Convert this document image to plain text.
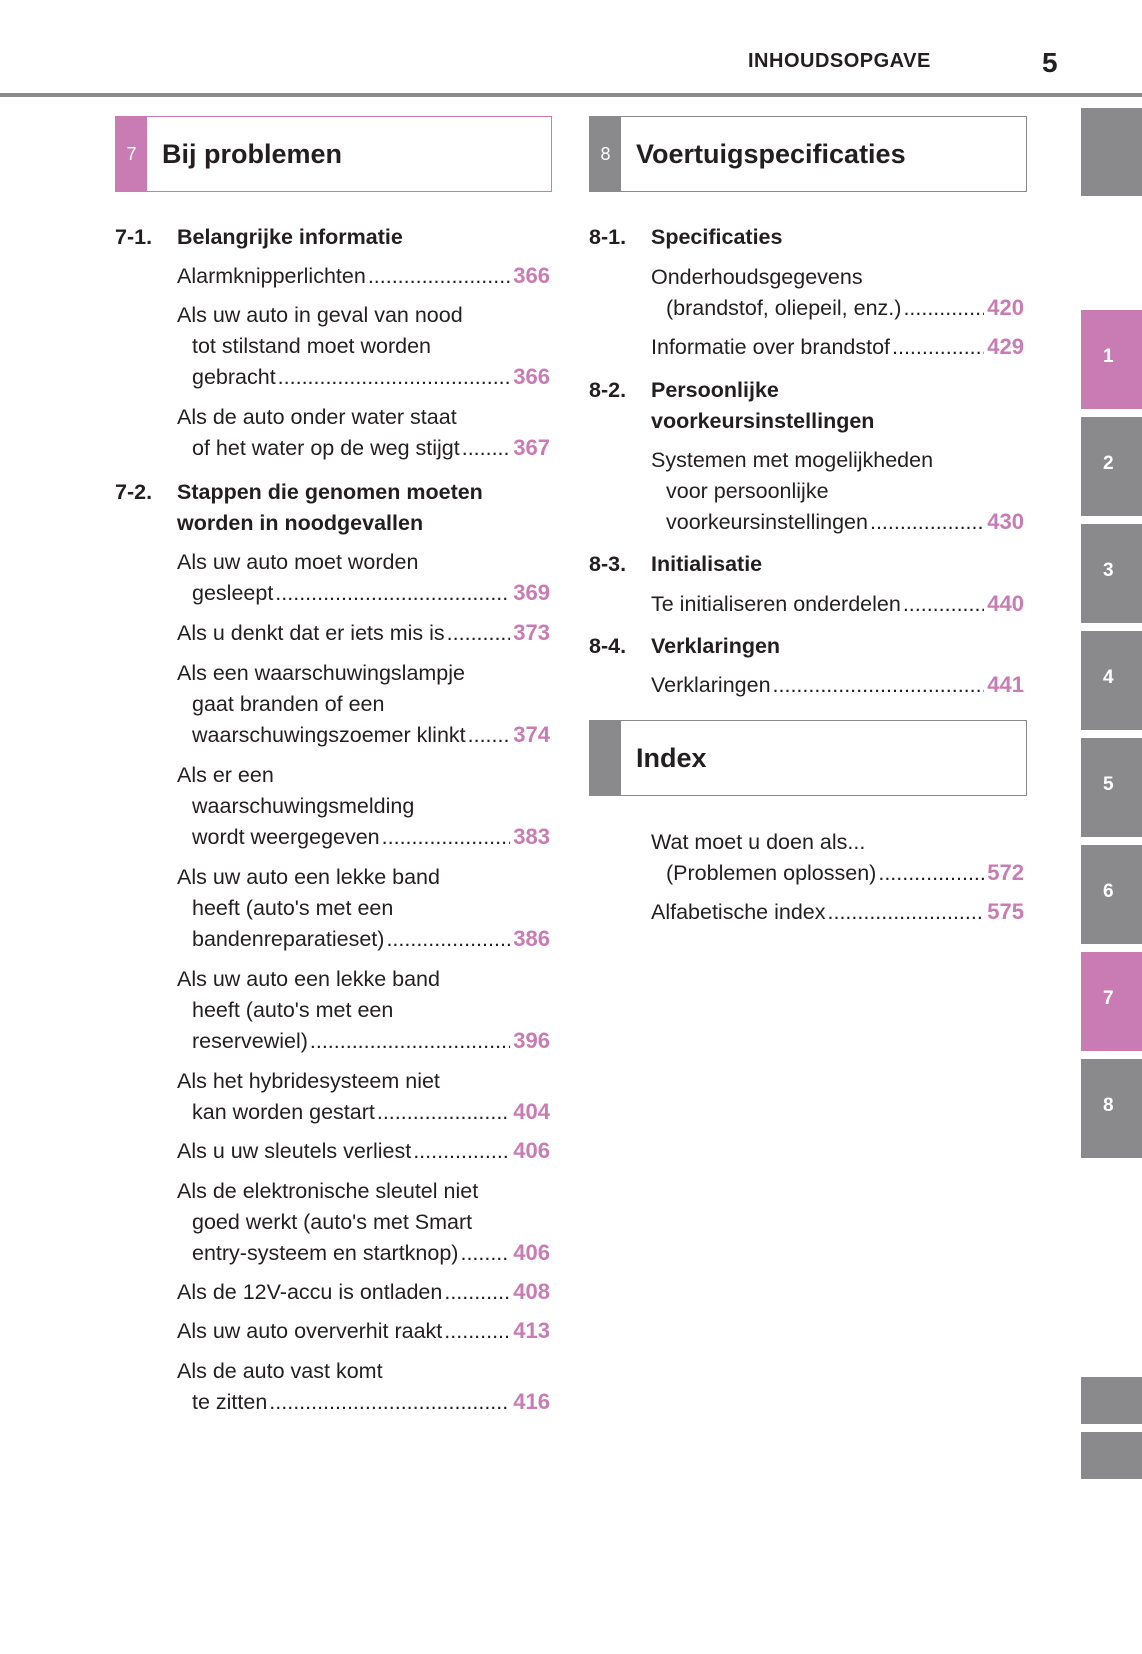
INHOUDSOPGAVE	5
7 Bij problemen
7-1. Belangrijke informatie
Alarmknipperlichten .....	366
Als uw auto in geval van nood
tot stilstand moet worden
gebracht .....	366
Als de auto onder water staat
of het water op de weg stijgt ..... 367
7-2. Stappen die genomen moeten
worden in noodgevallen
Als uw auto moet worden
gesleept .....	369
Als u denkt dat er iets mis is .....	373
Als een waarschuwingslampje
gaat branden of een
waarschuwingszoemer klinkt ..... 374
Als er een
waarschuwingsmelding
wordt weergegeven .....	383
Als uw auto een lekke band
heeft (auto's met een
bandenreparatieset) .....	386
Als uw auto een lekke band
heeft (auto's met een
reservewiel) .....	396
Als het hybridesysteem niet
kan worden gestart .....	404
Als u uw sleutels verliest .....	406
Als de elektronische sleutel niet
goed werkt (auto's met Smart
entry-systeem en startknop) ..... 406
Als de 12V-accu is ontladen .....	408
Als uw auto oververhit raakt .....	413
Als de auto vast komt
te zitten .....	416
8 Voertuigspecificaties
8-1. Specificaties
Onderhoudsgegevens
(brandstof, oliepeil, enz.) .....	420
Informatie over brandstof .....	429
8-2. Persoonlijke
voorkeursinstellingen
Systemen met mogelijkheden
voor persoonlijke
voorkeursinstellingen .....	430
8-3. Initialisatie
Te initialiseren onderdelen .....	440
8-4. Verklaringen
Verklaringen .....	441
Index
Wat moet u doen als...
(Problemen oplossen) .....	572
Alfabetische index .....	575
1
2
3
4
5
6
7
8
